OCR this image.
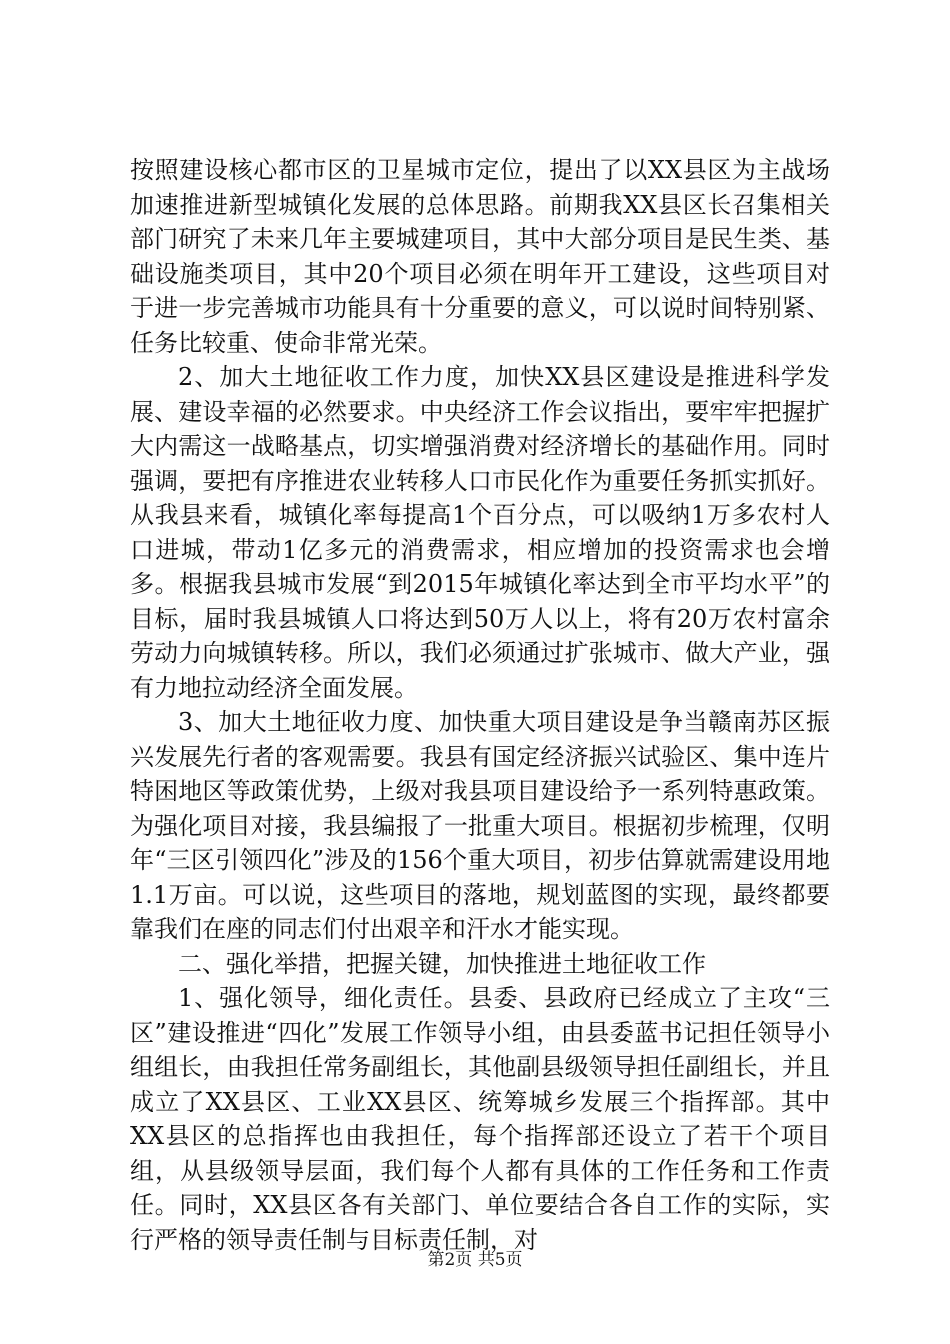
按照建设核心都市区的卫星城市定位，提出了以XX县区为主战场加速推进新型城镇化发展的总体思路。前期我XX县区长召集相关部门研究了未来几年主要城建项目，其中大部分项目是民生类、基础设施类项目，其中20个项目必须在明年开工建设，这些项目对于进一步完善城市功能具有十分重要的意义，可以说时间特别紧、任务比较重、使命非常光荣。

2、加大土地征收工作力度，加快XX县区建设是推进科学发展、建设幸福的必然要求。中央经济工作会议指出，要牢牢把握扩大内需这一战略基点，切实增强消费对经济增长的基础作用。同时强调，要把有序推进农业转移人口市民化作为重要任务抓实抓好。从我县来看，城镇化率每提高1个百分点，可以吸纳1万多农村人口进城，带动1亿多元的消费需求，相应增加的投资需求也会增多。根据我县城市发展“到2015年城镇化率达到全市平均水平”的目标，届时我县城镇人口将达到50万人以上，将有20万农村富余劳动力向城镇转移。所以，我们必须通过扩张城市、做大产业，强有力地拉动经济全面发展。

3、加大土地征收力度、加快重大项目建设是争当赣南苏区振兴发展先行者的客观需要。我县有国定经济振兴试验区、集中连片特困地区等政策优势，上级对我县项目建设给予一系列特惠政策。为强化项目对接，我县编报了一批重大项目。根据初步梳理，仅明年“三区引领四化”涉及的156个重大项目，初步估算就需建设用地1.1万亩。可以说，这些项目的落地，规划蓝图的实现，最终都要靠我们在座的同志们付出艰辛和汗水才能实现。

二、强化举措，把握关键，加快推进土地征收工作

1、强化领导，细化责任。县委、县政府已经成立了主攻“三区”建设推进“四化”发展工作领导小组，由县委蓝书记担任领导小组组长，由我担任常务副组长，其他副县级领导担任副组长，并且成立了XX县区、工业XX县区、统筹城乡发展三个指挥部。其中XX县区的总指挥也由我担任，每个指挥部还设立了若干个项目组，从县级领导层面，我们每个人都有具体的工作任务和工作责任。同时，XX县区各有关部门、单位要结合各自工作的实际，实行严格的领导责任制与目标责任制，对

第2页 共5页
